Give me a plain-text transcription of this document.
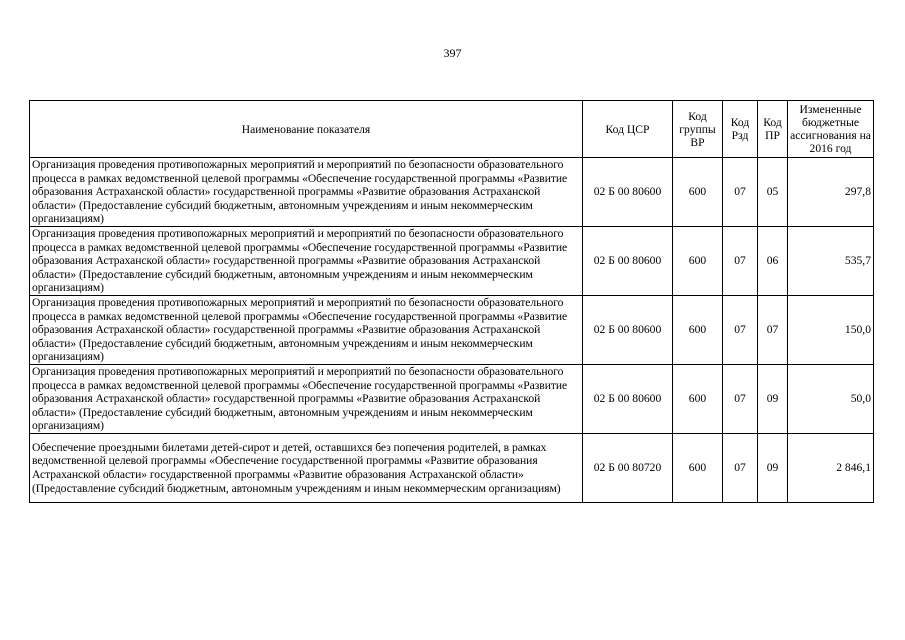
397
Наименование показателя	Код ЦСР	Код группы ВР	Код Рзд	Код ПР	Измененные бюджетные ассигнования на 2016 год
Организация проведения противопожарных мероприятий и мероприятий по безопасности образовательного процесса в рамках ведомственной целевой программы «Обеспечение государственной программы «Развитие образования Астраханской области» государственной программы «Развитие образования Астраханской области» (Предоставление субсидий бюджетным, автономным учреждениям и иным некоммерческим организациям)	02 Б 00 80600	600	07	05	297,8
Организация проведения противопожарных мероприятий и мероприятий по безопасности образовательного процесса в рамках ведомственной целевой программы «Обеспечение государственной программы «Развитие образования Астраханской области» государственной программы «Развитие образования Астраханской области» (Предоставление субсидий бюджетным, автономным учреждениям и иным некоммерческим организациям)	02 Б 00 80600	600	07	06	535,7
Организация проведения противопожарных мероприятий и мероприятий по безопасности образовательного процесса в рамках ведомственной целевой программы «Обеспечение государственной программы «Развитие образования Астраханской области» государственной программы «Развитие образования Астраханской области» (Предоставление субсидий бюджетным, автономным учреждениям и иным некоммерческим организациям)	02 Б 00 80600	600	07	07	150,0
Организация проведения противопожарных мероприятий и мероприятий по безопасности образовательного процесса в рамках ведомственной целевой программы «Обеспечение государственной программы «Развитие образования Астраханской области» государственной программы «Развитие образования Астраханской области» (Предоставление субсидий бюджетным, автономным учреждениям и иным некоммерческим организациям)	02 Б 00 80600	600	07	09	50,0
Обеспечение проездными билетами детей-сирот и детей, оставшихся без попечения родителей, в рамках ведомственной целевой программы «Обеспечение государственной программы «Развитие образования Астраханской области» государственной программы «Развитие образования Астраханской области» (Предоставление субсидий бюджетным, автономным учреждениям и иным некоммерческим организациям)	02 Б 00 80720	600	07	09	2 846,1
